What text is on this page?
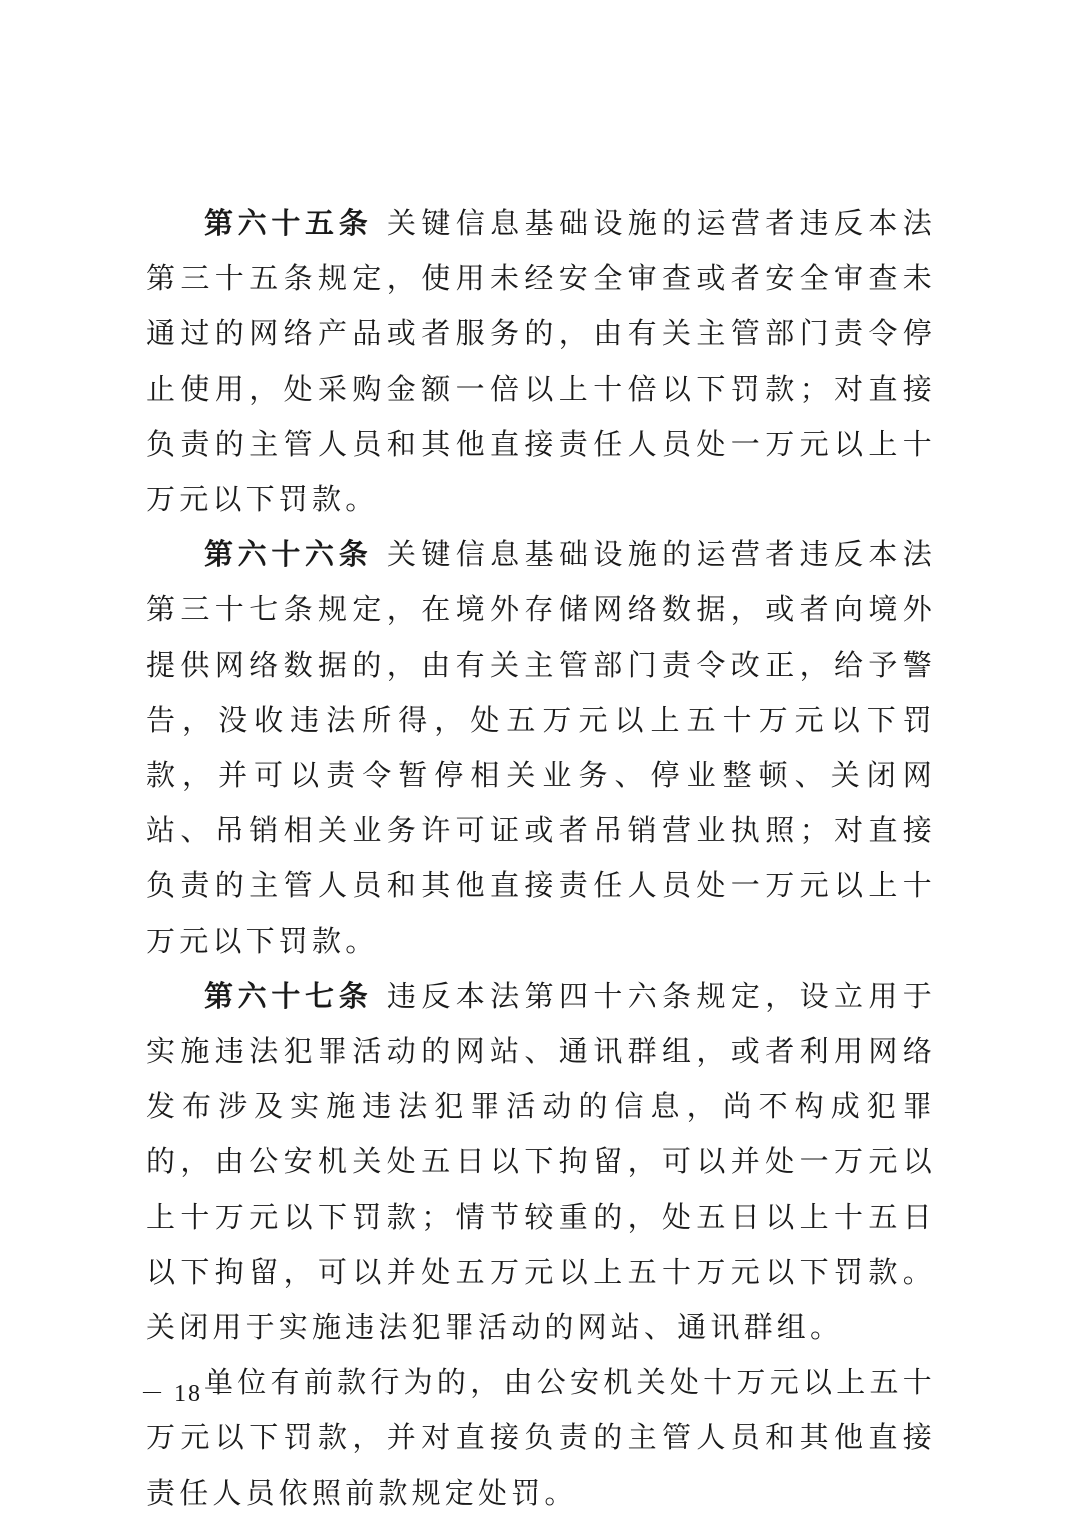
第六十五条 关键信息基础设施的运营者违反本法第三十五条规定，使用未经安全审查或者安全审查未通过的网络产品或者服务的，由有关主管部门责令停止使用，处采购金额一倍以上十倍以下罚款；对直接负责的主管人员和其他直接责任人员处一万元以上十万元以下罚款。

第六十六条 关键信息基础设施的运营者违反本法第三十七条规定，在境外存储网络数据，或者向境外提供网络数据的，由有关主管部门责令改正，给予警告，没收违法所得，处五万元以上五十万元以下罚款，并可以责令暂停相关业务、停业整顿、关闭网站、吊销相关业务许可证或者吊销营业执照；对直接负责的主管人员和其他直接责任人员处一万元以上十万元以下罚款。

第六十七条 违反本法第四十六条规定，设立用于实施违法犯罪活动的网站、通讯群组，或者利用网络发布涉及实施违法犯罪活动的信息，尚不构成犯罪的，由公安机关处五日以下拘留，可以并处一万元以上十万元以下罚款；情节较重的，处五日以上十五日以下拘留，可以并处五万元以上五十万元以下罚款。关闭用于实施违法犯罪活动的网站、通讯群组。

单位有前款行为的，由公安机关处十万元以上五十万元以下罚款，并对直接负责的主管人员和其他直接责任人员依照前款规定处罚。

－ 18 －
